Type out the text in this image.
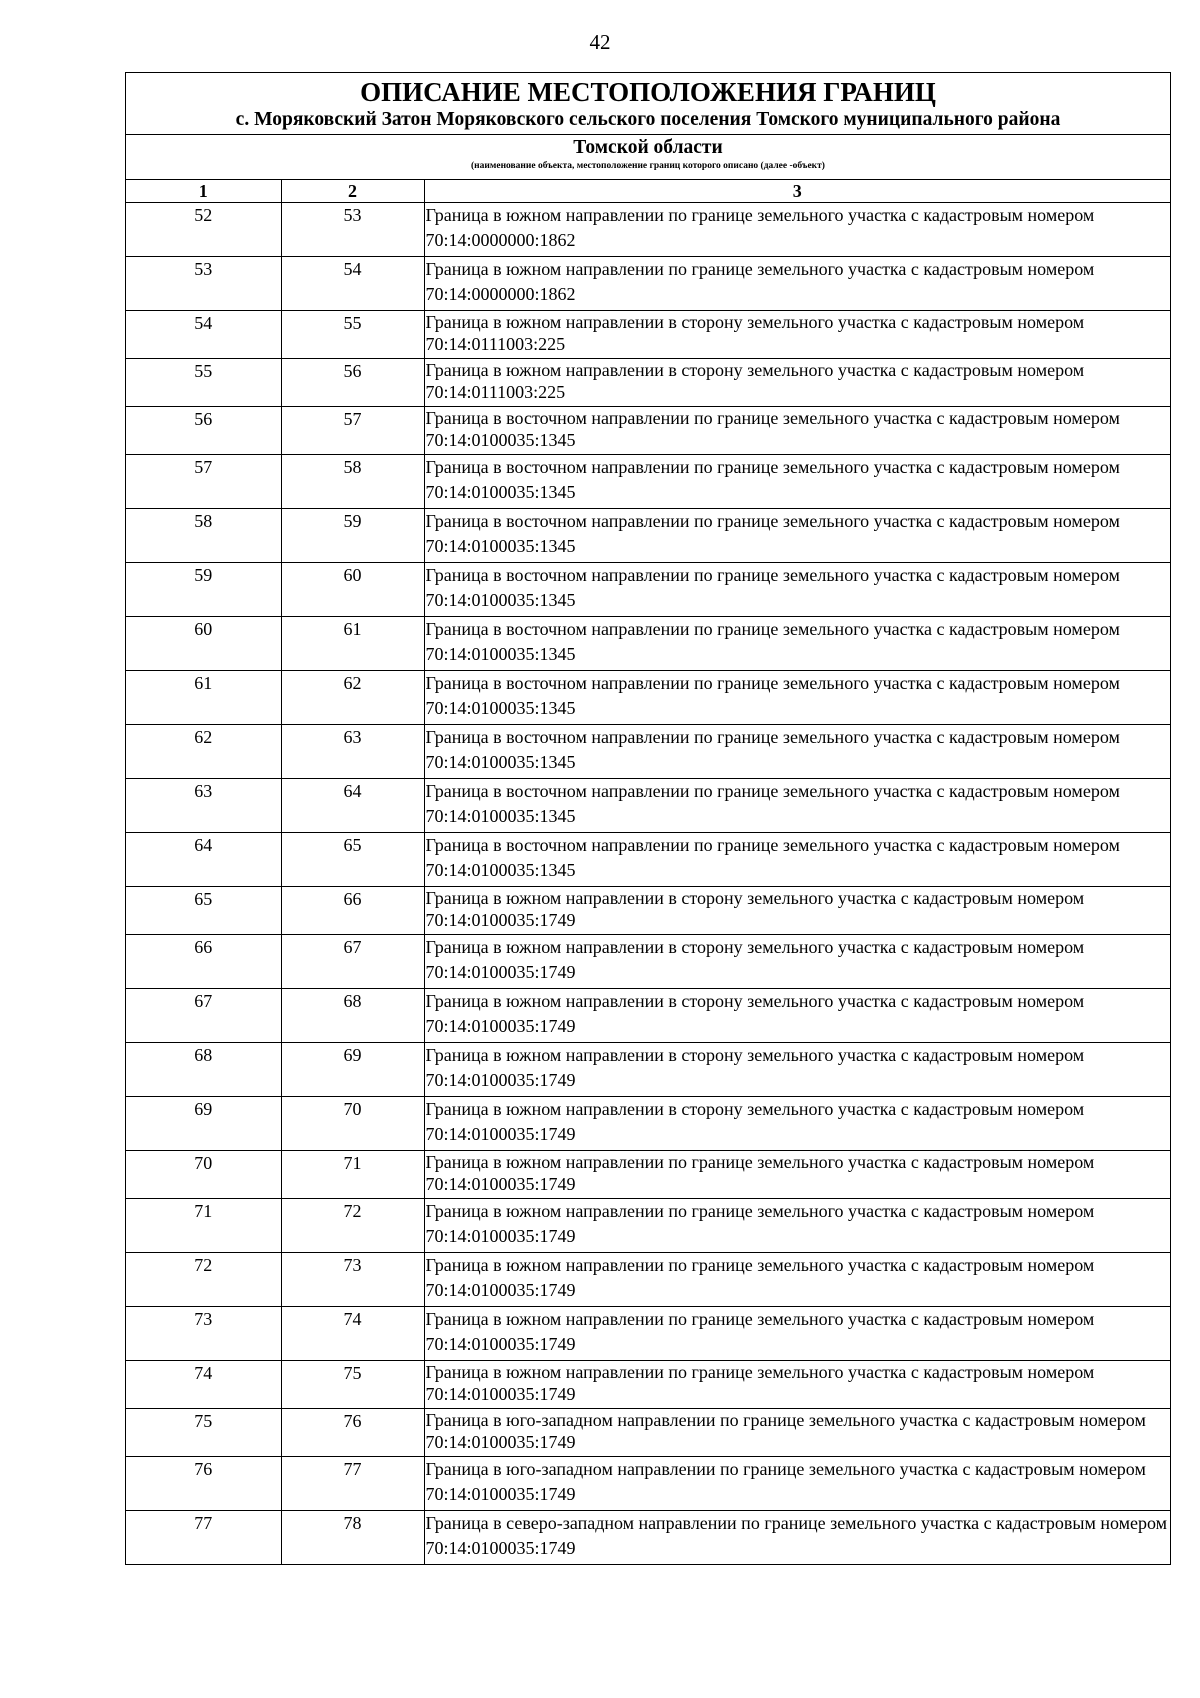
42
ОПИСАНИЕ МЕСТОПОЛОЖЕНИЯ ГРАНИЦ
с. Моряковский Затон Моряковского сельского поселения Томского муниципального района
Томской области
(наименование объекта, местоположение границ которого описано (далее -объект)
1	2	3
52	53	Граница в южном направлении по границе земельного участка с кадастровым номером 70:14:0000000:1862
53	54	Граница в южном направлении по границе земельного участка с кадастровым номером 70:14:0000000:1862
54	55	Граница в южном направлении в сторону земельного участка с кадастровым номером 70:14:0111003:225
55	56	Граница в южном направлении в сторону земельного участка с кадастровым номером 70:14:0111003:225
56	57	Граница в восточном направлении по границе земельного участка с кадастровым номером 70:14:0100035:1345
57	58	Граница в восточном направлении по границе земельного участка с кадастровым номером 70:14:0100035:1345
58	59	Граница в восточном направлении по границе земельного участка с кадастровым номером 70:14:0100035:1345
59	60	Граница в восточном направлении по границе земельного участка с кадастровым номером 70:14:0100035:1345
60	61	Граница в восточном направлении по границе земельного участка с кадастровым номером 70:14:0100035:1345
61	62	Граница в восточном направлении по границе земельного участка с кадастровым номером 70:14:0100035:1345
62	63	Граница в восточном направлении по границе земельного участка с кадастровым номером 70:14:0100035:1345
63	64	Граница в восточном направлении по границе земельного участка с кадастровым номером 70:14:0100035:1345
64	65	Граница в восточном направлении по границе земельного участка с кадастровым номером 70:14:0100035:1345
65	66	Граница в южном направлении в сторону земельного участка с кадастровым номером 70:14:0100035:1749
66	67	Граница в южном направлении в сторону земельного участка с кадастровым номером 70:14:0100035:1749
67	68	Граница в южном направлении в сторону земельного участка с кадастровым номером 70:14:0100035:1749
68	69	Граница в южном направлении в сторону земельного участка с кадастровым номером 70:14:0100035:1749
69	70	Граница в южном направлении в сторону земельного участка с кадастровым номером 70:14:0100035:1749
70	71	Граница в южном направлении по границе земельного участка с кадастровым номером 70:14:0100035:1749
71	72	Граница в южном направлении по границе земельного участка с кадастровым номером 70:14:0100035:1749
72	73	Граница в южном направлении по границе земельного участка с кадастровым номером 70:14:0100035:1749
73	74	Граница в южном направлении по границе земельного участка с кадастровым номером 70:14:0100035:1749
74	75	Граница в южном направлении по границе земельного участка с кадастровым номером 70:14:0100035:1749
75	76	Граница в юго-западном направлении по границе земельного участка с кадастровым номером 70:14:0100035:1749
76	77	Граница в юго-западном направлении по границе земельного участка с кадастровым номером 70:14:0100035:1749
77	78	Граница в северо-западном направлении по границе земельного участка с кадастровым номером 70:14:0100035:1749
